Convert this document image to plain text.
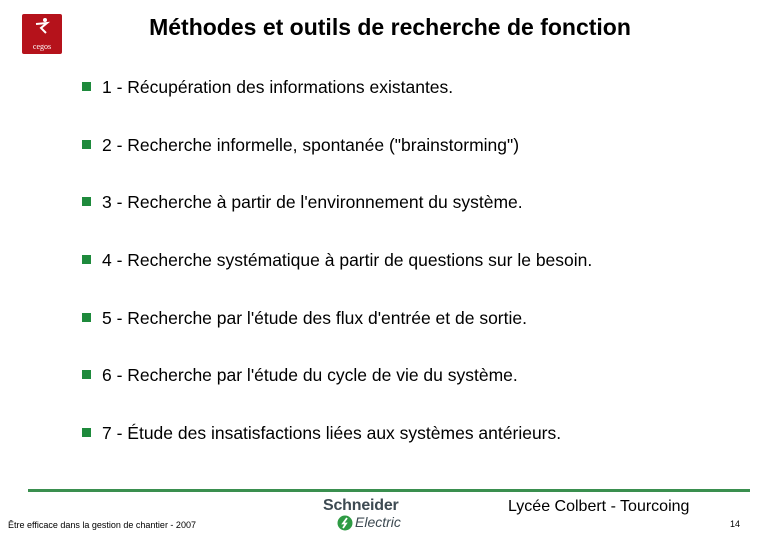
cegos
Méthodes et outils de recherche de fonction
1 - Récupération des informations existantes.
2 - Recherche informelle, spontanée ("brainstorming")
3 - Recherche à partir de l'environnement du système.
4 - Recherche systématique à partir de questions sur le besoin.
5 - Recherche par l'étude des flux d'entrée et de sortie.
6 - Recherche par l'étude du cycle de vie du système.
7 - Étude des insatisfactions liées aux systèmes antérieurs.
Être efficace dans la gestion de chantier - 2007
Schneider
Electric
Lycée Colbert - Tourcoing
14
